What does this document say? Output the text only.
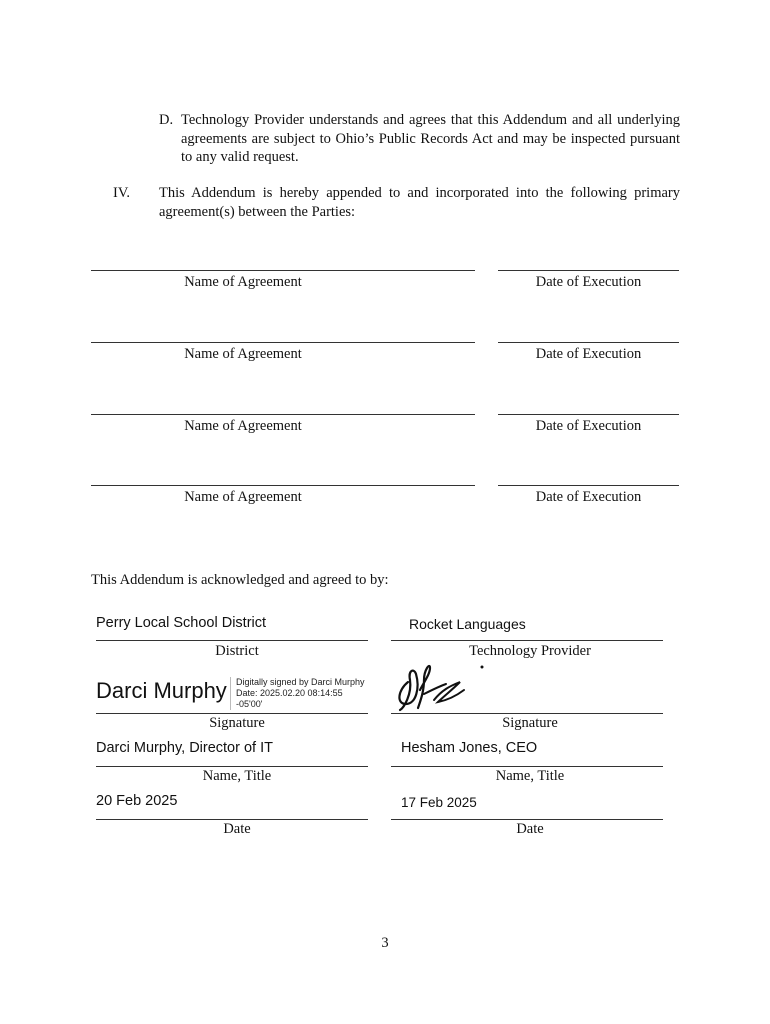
D. Technology Provider understands and agrees that this Addendum and all underlying agreements are subject to Ohio’s Public Records Act and may be inspected pursuant to any valid request.
IV. This Addendum is hereby appended to and incorporated into the following primary agreement(s) between the Parties:
Name of Agreement	Date of Execution
Name of Agreement	Date of Execution
Name of Agreement	Date of Execution
Name of Agreement	Date of Execution
This Addendum is acknowledged and agreed to by:
Perry Local School District	Rocket Languages
District	Technology Provider
Darci Murphy Digitally signed by Darci Murphy
Date: 2025.02.20 08:14:55
-05'00'
Signature	Signature
Darci Murphy, Director of IT	Hesham Jones, CEO
Name, Title	Name, Title
20 Feb 2025	17 Feb 2025
Date	Date
3
